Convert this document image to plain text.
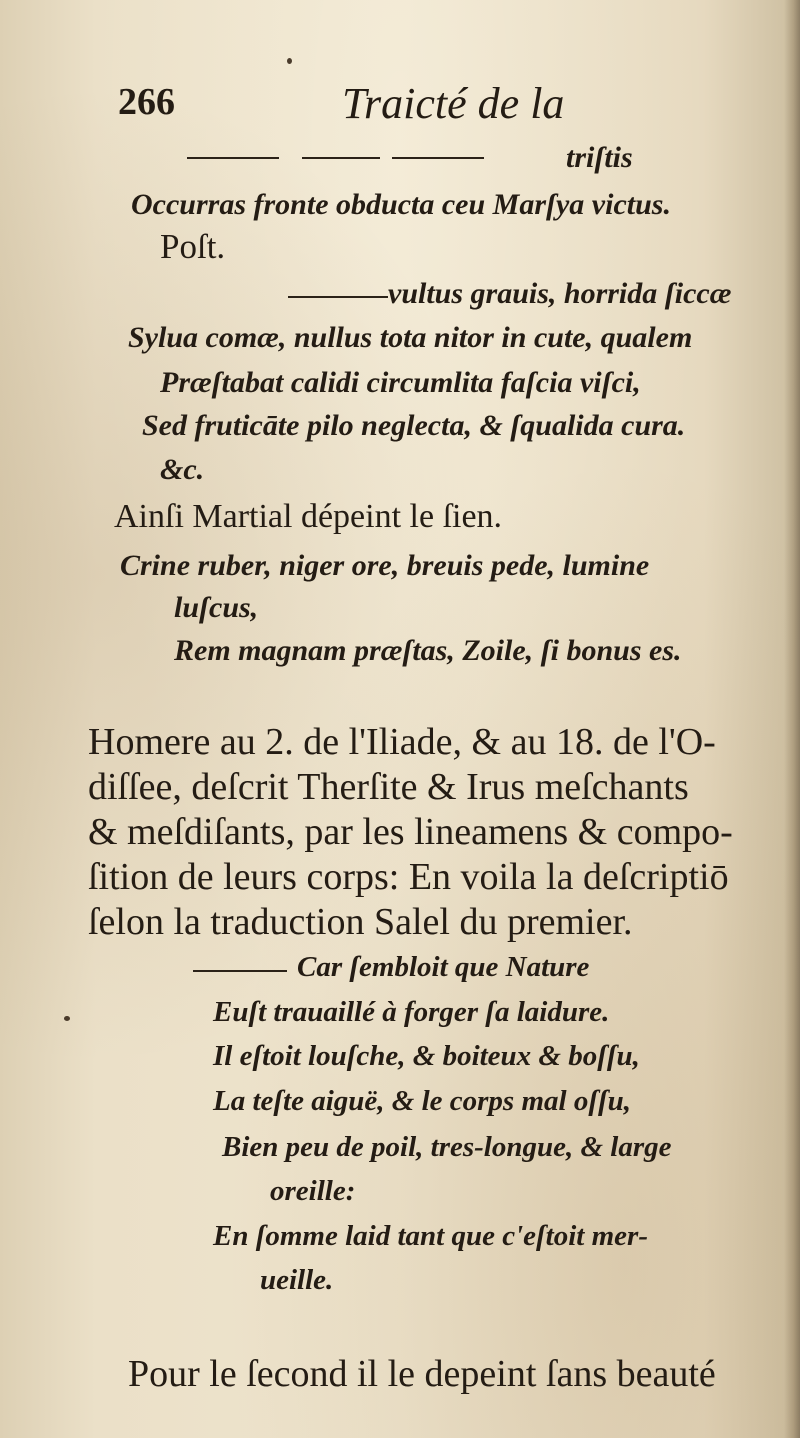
266	Traicté de la
triſtis
Occurras fronte obducta ceu Marſya victus.
Poſt.
vultus grauis, horrida ſiccæ
Sylua comæ, nullus tota nitor in cute, qualem
Præſtabat calidi circumlita faſcia viſci,
Sed fruticāte pilo neglecta, & ſqualida cura.
&c.
Ainſi Martial dépeint le ſien.
Crine ruber, niger ore, breuis pede, lumine
luſcus,
Rem magnam præſtas, Zoile, ſi bonus es.
Homere au 2. de l'Iliade, & au 18. de l'O-
diſſee, deſcrit Therſite & Irus meſchants
& meſdiſants, par les lineamens & compo-
ſition de leurs corps: En voila la deſcriptiō
ſelon la traduction Salel du premier.
Car ſembloit que Nature
Euſt trauaillé à forger ſa laidure.
Il eſtoit louſche, & boiteux & boſſu,
La teſte aiguë, & le corps mal oſſu,
Bien peu de poil, tres-longue, & large
oreille:
En ſomme laid tant que c'eſtoit mer-
ueille.
Pour le ſecond il le depeint ſans beauté
